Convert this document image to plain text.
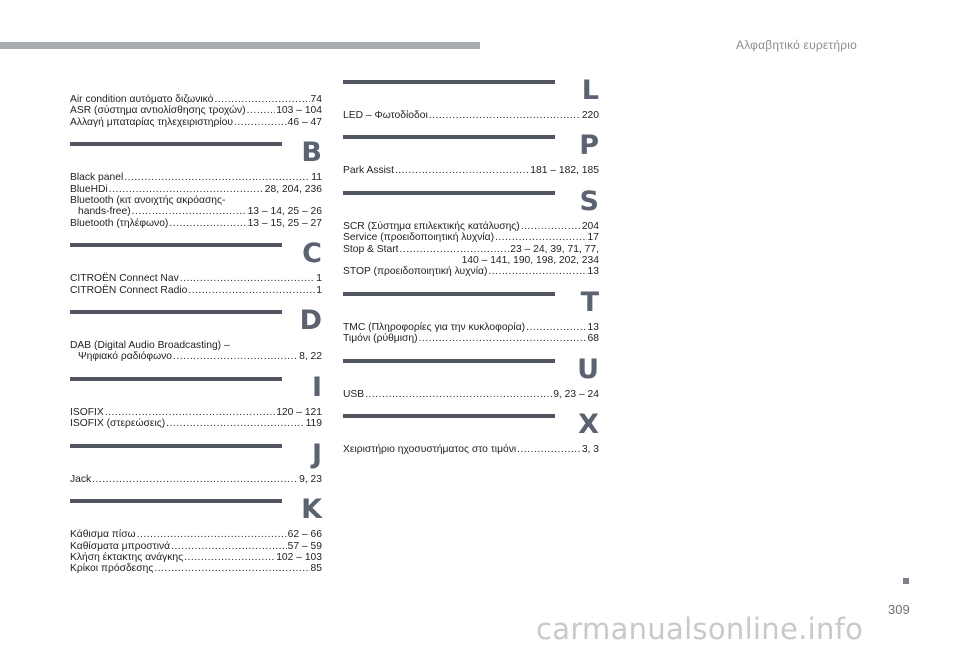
Αλφαβητικό ευρετήριο
Air condition αυτόματο διζωνικό .....	74
ASR (σύστημα αντιολίσθησης τροχών) .....	103 – 104
Αλλαγή μπαταρίας τηλεχειριστηρίου .....	46 – 47
B
Black panel .....	11
BlueHDi .....	28, 204, 236
Bluetooth (κιτ ανοιχτής ακρόασης-
hands-free) .....	13 – 14, 25 – 26
Bluetooth (τηλέφωνο) .....	13 – 15, 25 – 27
C
CITROËN Connect Nav .....	1
CITROËN Connect Radio .....	1
D
DAB (Digital Audio Broadcasting) –
Ψηφιακό ραδιόφωνο .....	8, 22
I
ISOFIX .....	120 – 121
ISOFIX (στερεώσεις) .....	119
J
Jack .....	9, 23
K
Κάθισμα πίσω .....	62 – 66
Καθίσματα μπροστινά .....	57 – 59
Κλήση έκτακτης ανάγκης .....	102 – 103
Κρίκοι πρόσδεσης .....	85
L
LED – Φωτοδίοδοι .....	220
P
Park Assist .....	181 – 182, 185
S
SCR (Σύστημα επιλεκτικής κατάλυσης) .....	204
Service (προειδοποιητική λυχνία) .....	17
Stop & Start .....	23 – 24, 39, 71, 77,
140 – 141, 190, 198, 202, 234
STOP (προειδοποιητική λυχνία) .....	13
T
TMC (Πληροφορίες για την κυκλοφορία) .....	13
Τιμόνι (ρύθμιση) .....	68
U
USB .....	9, 23 – 24
X
Χειριστήριο ηχοσυστήματος στο τιμόνι .....	3, 3
309
carmanualsonline.info
